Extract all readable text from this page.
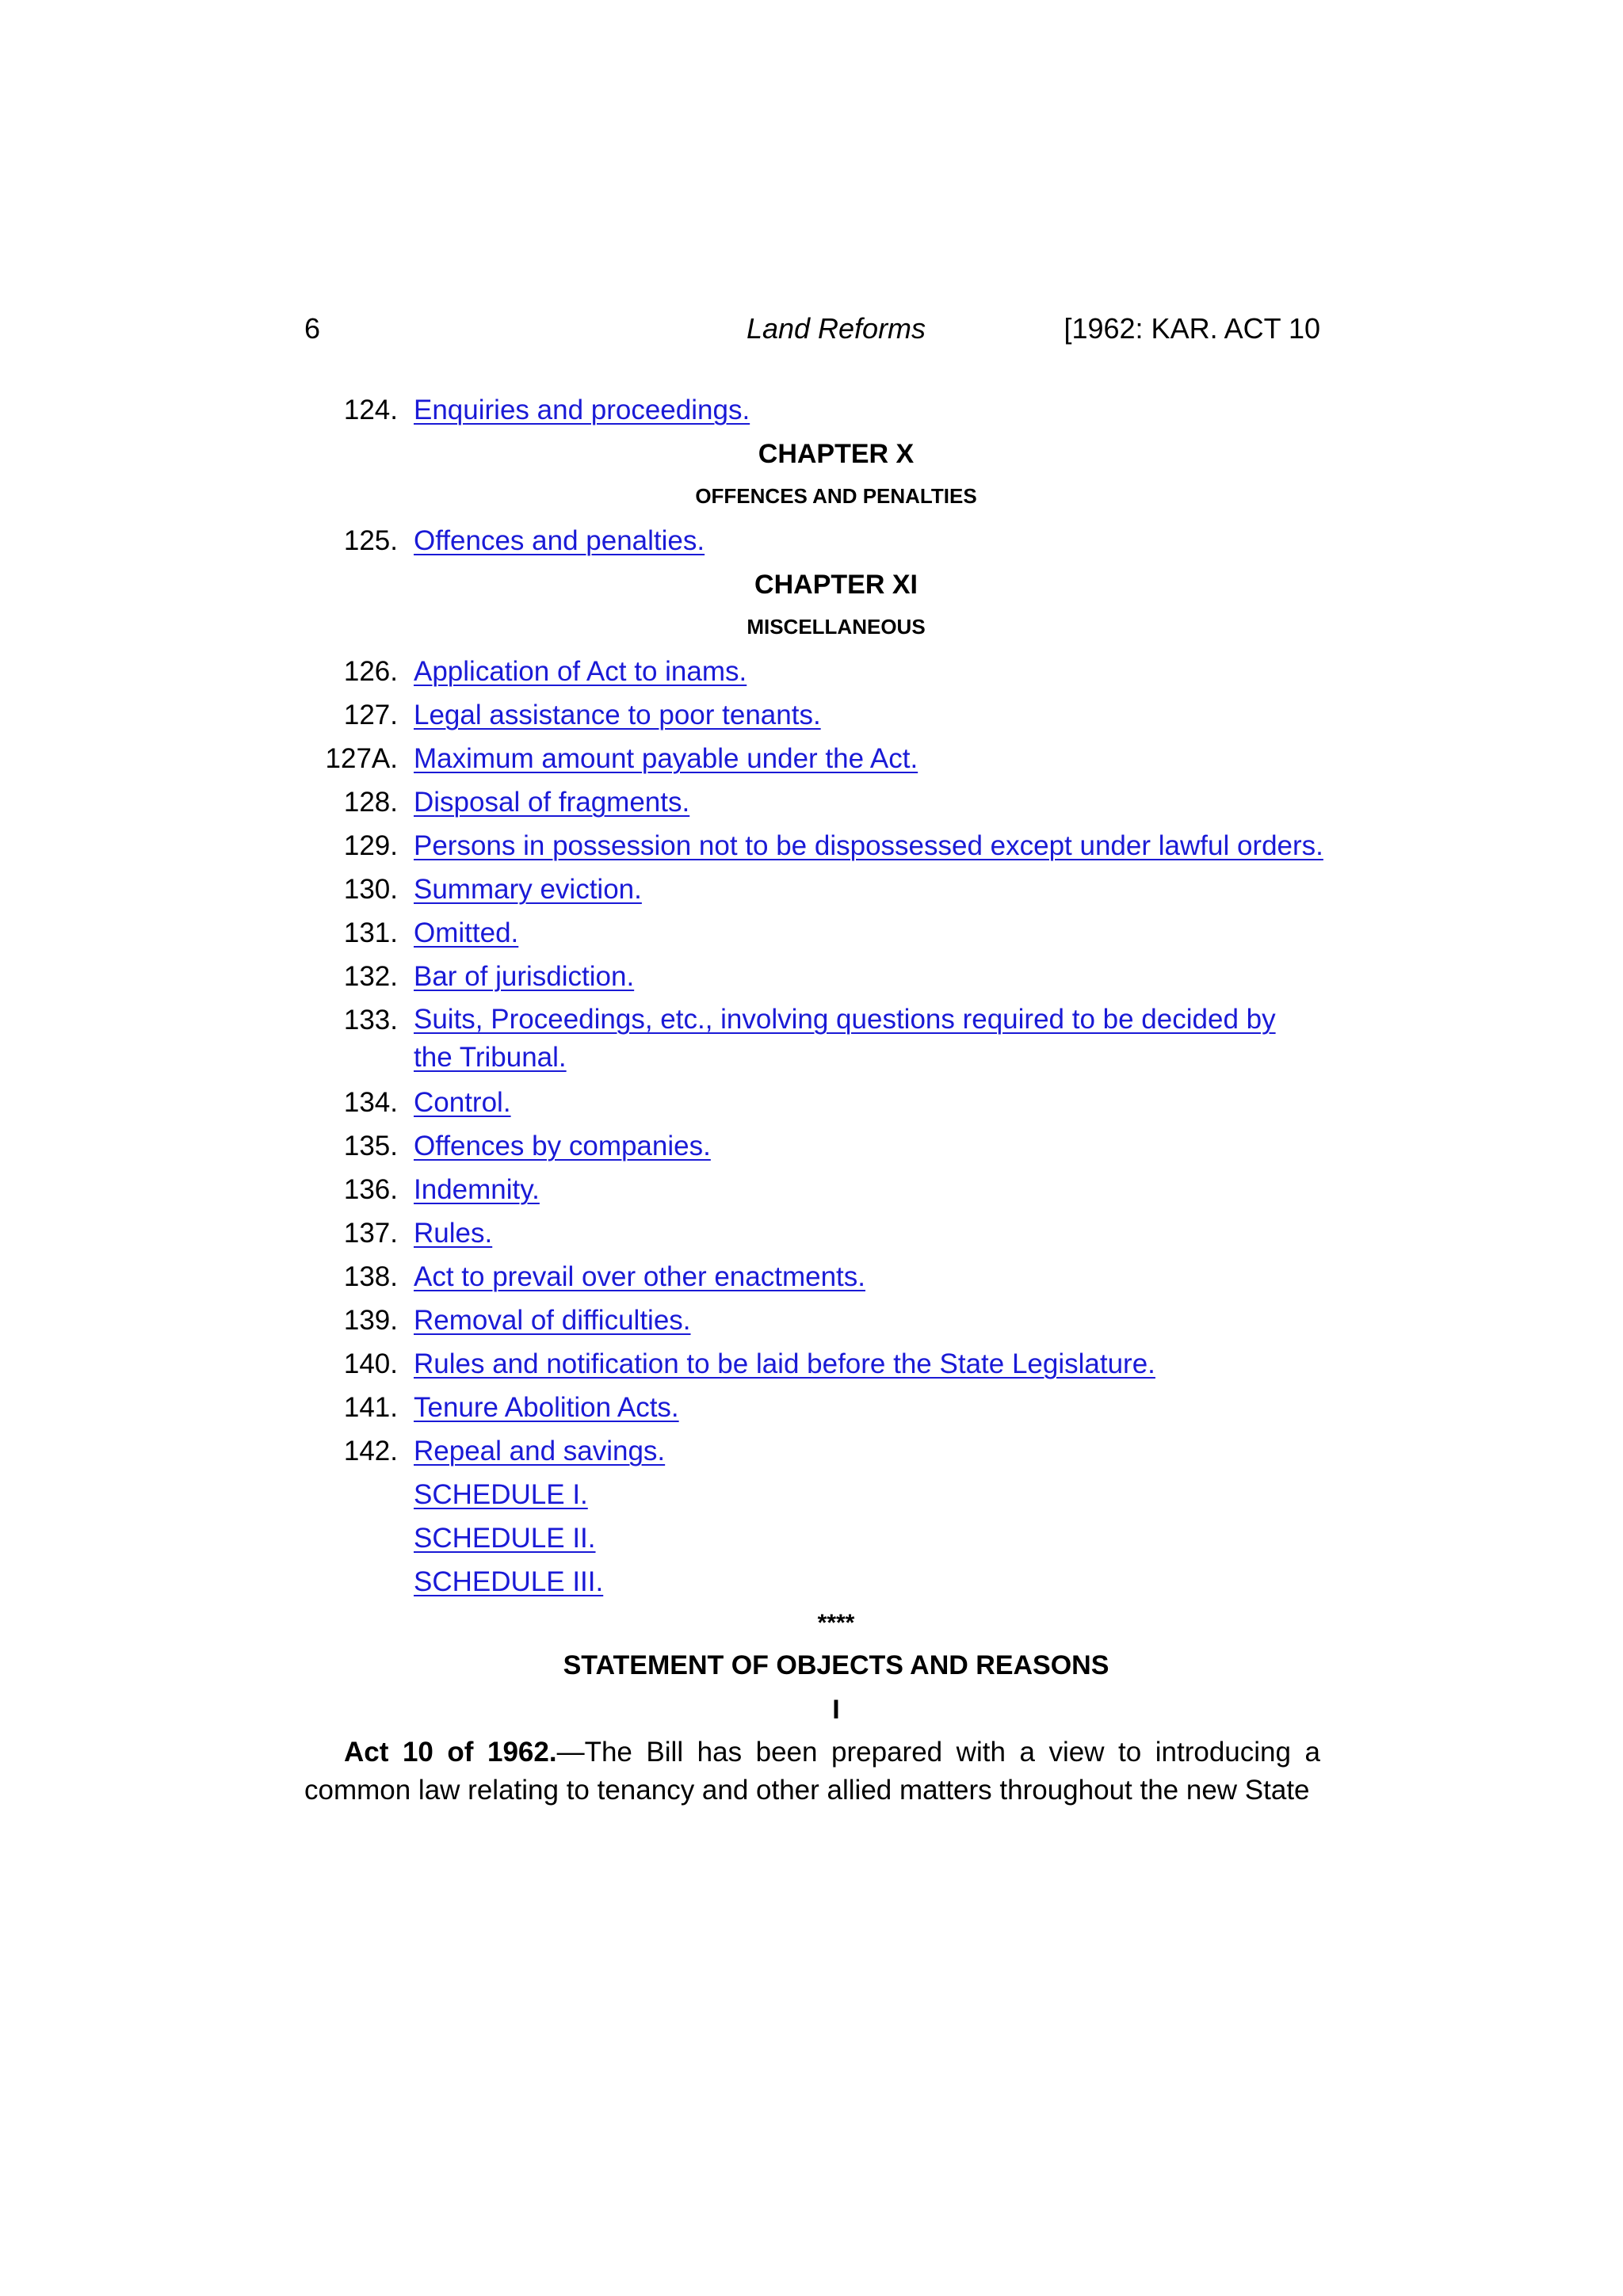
6	Land Reforms	[1962: KAR. ACT 10
124. Enquiries and proceedings.
CHAPTER X
OFFENCES AND PENALTIES
125. Offences and penalties.
CHAPTER XI
MISCELLANEOUS
126. Application of Act to inams.
127. Legal assistance to poor tenants.
127A. Maximum amount payable under the Act.
128. Disposal of fragments.
129. Persons in possession not to be dispossessed except under lawful orders.
130. Summary eviction.
131. Omitted.
132. Bar of jurisdiction.
133. Suits, Proceedings, etc., involving questions required to be decided by the Tribunal.
134. Control.
135. Offences by companies.
136. Indemnity.
137. Rules.
138. Act to prevail over other enactments.
139. Removal of difficulties.
140. Rules and notification to be laid before the State Legislature.
141. Tenure Abolition Acts.
142. Repeal and savings.
SCHEDULE I.
SCHEDULE II.
SCHEDULE III.
****
STATEMENT OF OBJECTS AND REASONS
I

Act 10 of 1962.—The Bill has been prepared with a view to introducing a common law relating to tenancy and other allied matters throughout the new State
